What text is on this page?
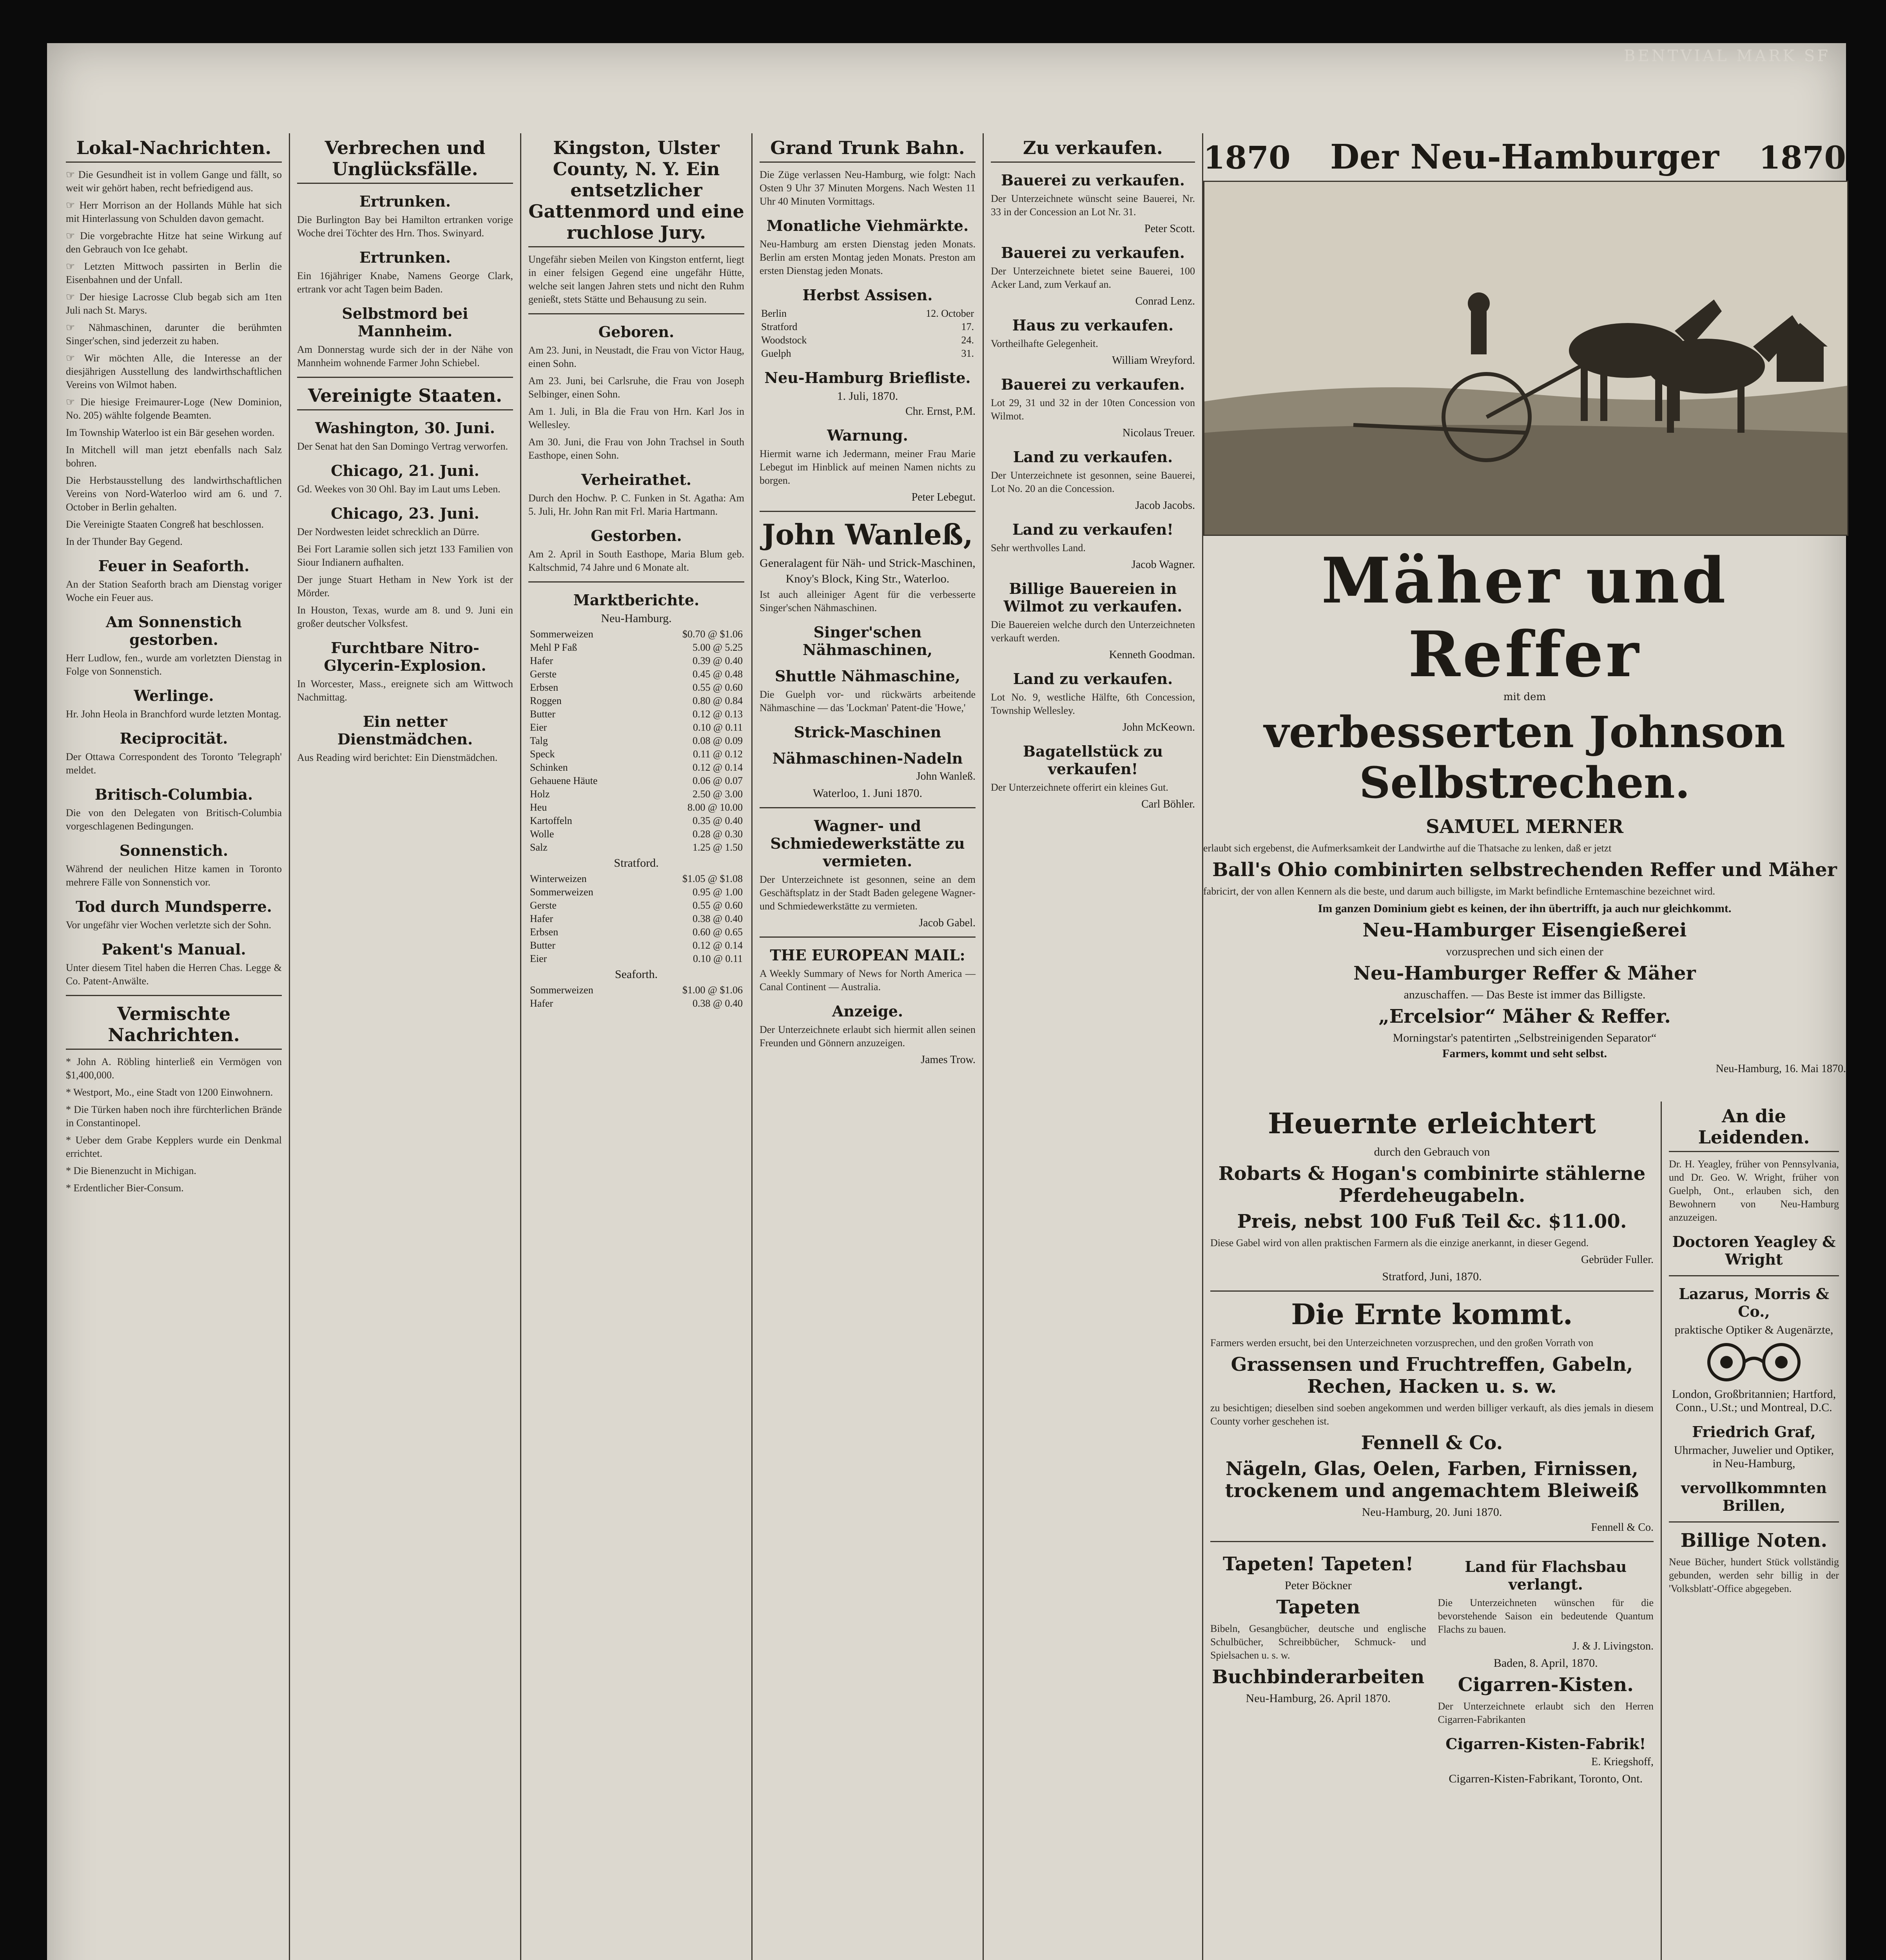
BENTVIAL MARK SF
Lokal-Nachrichten.

☞ Die Gesundheit ist in vollem Gange und fällt, so weit wir gehört haben, recht befriedigend aus.

☞ Herr Morrison an der Hollands Mühle hat sich mit Hinterlassung von Schulden davon gemacht.

☞ Die vorgebrachte Hitze hat seine Wirkung auf den Gebrauch von Ice gehabt.

☞ Letzten Mittwoch passirten in Berlin die Eisenbahnen und der Unfall.

☞ Der hiesige Lacrosse Club begab sich am 1ten Juli nach St. Marys.

☞ Nähmaschinen, darunter die berühmten Singer'schen, sind jederzeit zu haben.

☞ Wir möchten Alle, die Interesse an der diesjährigen Ausstellung des landwirthschaftlichen Vereins von Wilmot haben.

☞ Die hiesige Freimaurer-Loge (New Dominion, No. 205) wählte folgende Beamten.

Im Township Waterloo ist ein Bär gesehen worden.

In Mitchell will man jetzt ebenfalls nach Salz bohren.

Die Herbstausstellung des landwirthschaftlichen Vereins von Nord-Waterloo wird am 6. und 7. October in Berlin gehalten.

Die Vereinigte Staaten Congreß hat beschlossen.

In der Thunder Bay Gegend.

Feuer in Seaforth.

An der Station Seaforth brach am Dienstag voriger Woche ein Feuer aus.

Am Sonnenstich gestorben.

Herr Ludlow, fen., wurde am vorletzten Dienstag in Folge von Sonnenstich.

Werlinge.

Hr. John Heola in Branchford wurde letzten Montag.

Reciprocität.

Der Ottawa Correspondent des Toronto 'Telegraph' meldet.

Britisch-Columbia.

Die von den Delegaten von Britisch-Columbia vorgeschlagenen Bedingungen.

Sonnenstich.

Während der neulichen Hitze kamen in Toronto mehrere Fälle von Sonnenstich vor.

Tod durch Mundsperre.

Vor ungefähr vier Wochen verletzte sich der Sohn.

Pakent's Manual.

Unter diesem Titel haben die Herren Chas. Legge & Co. Patent-Anwälte.

Vermischte Nachrichten.

* John A. Röbling hinterließ ein Vermögen von $1,400,000.

* Westport, Mo., eine Stadt von 1200 Einwohnern.

* Die Türken haben noch ihre fürchterlichen Brände in Constantinopel.

* Ueber dem Grabe Kepplers wurde ein Denkmal errichtet.

* Die Bienenzucht in Michigan.

* Erdentlicher Bier-Consum.

Verbrechen und Unglücksfälle.
Ertrunken.

Die Burlington Bay bei Hamilton ertranken vorige Woche drei Töchter des Hrn. Thos. Swinyard.

Ertrunken.

Ein 16jähriger Knabe, Namens George Clark, ertrank vor acht Tagen beim Baden.

Selbstmord bei Mannheim.

Am Donnerstag wurde sich der in der Nähe von Mannheim wohnende Farmer John Schiebel.

Vereinigte Staaten.
Washington, 30. Juni.

Der Senat hat den San Domingo Vertrag verworfen.

Chicago, 21. Juni.

Gd. Weekes von 30 Ohl. Bay im Laut ums Leben.

Chicago, 23. Juni.

Der Nordwesten leidet schrecklich an Dürre.

Bei Fort Laramie sollen sich jetzt 133 Familien von Siour Indianern aufhalten.

Der junge Stuart Hetham in New York ist der Mörder.

In Houston, Texas, wurde am 8. und 9. Juni ein großer deutscher Volksfest.

Furchtbare Nitro-Glycerin-Explosion.

In Worcester, Mass., ereignete sich am Wittwoch Nachmittag.

Ein netter Dienstmädchen.

Aus Reading wird berichtet: Ein Dienstmädchen.

Kingston, Ulster County, N. Y. Ein entsetzlicher Gattenmord und eine ruchlose Jury.

Ungefähr sieben Meilen von Kingston entfernt, liegt in einer felsigen Gegend eine ungefähr Hütte, welche seit langen Jahren stets und nicht den Ruhm genießt, stets Stätte und Behausung zu sein.

Geboren.

Am 23. Juni, in Neustadt, die Frau von Victor Haug, einen Sohn.

Am 23. Juni, bei Carlsruhe, die Frau von Joseph Selbinger, einen Sohn.

Am 1. Juli, in Bla die Frau von Hrn. Karl Jos in Wellesley.

Am 30. Juni, die Frau von John Trachsel in South Easthope, einen Sohn.

Verheirathet.

Durch den Hochw. P. C. Funken in St. Agatha: Am 5. Juli, Hr. John Ran mit Frl. Maria Hartmann.

Gestorben.

Am 2. April in South Easthope, Maria Blum geb. Kaltschmid, 74 Jahre und 6 Monate alt.

Marktberichte.
Neu-Hamburg.
Sommerweizen	$0.70 @ $1.06
Mehl P Faß	5.00 @ 5.25
Hafer	0.39 @ 0.40
Gerste	0.45 @ 0.48
Erbsen	0.55 @ 0.60
Roggen	0.80 @ 0.84
Butter	0.12 @ 0.13
Eier	0.10 @ 0.11
Talg	0.08 @ 0.09
Speck	0.11 @ 0.12
Schinken	0.12 @ 0.14
Gehauene Häute	0.06 @ 0.07
Holz	2.50 @ 3.00
Heu	8.00 @ 10.00
Kartoffeln	0.35 @ 0.40
Wolle	0.28 @ 0.30
Salz	1.25 @ 1.50
Stratford.
Winterweizen	$1.05 @ $1.08
Sommerweizen	0.95 @ 1.00
Gerste	0.55 @ 0.60
Hafer	0.38 @ 0.40
Erbsen	0.60 @ 0.65
Butter	0.12 @ 0.14
Eier	0.10 @ 0.11
Seaforth.
Sommerweizen	$1.00 @ $1.06
Hafer	0.38 @ 0.40
Grand Trunk Bahn.

Die Züge verlassen Neu-Hamburg, wie folgt: Nach Osten 9 Uhr 37 Minuten Morgens. Nach Westen 11 Uhr 40 Minuten Vormittags.

Monatliche Viehmärkte.

Neu-Hamburg am ersten Dienstag jeden Monats. Berlin am ersten Montag jeden Monats. Preston am ersten Dienstag jeden Monats.

Herbst Assisen.
Berlin	12. October
Stratford	17.
Woodstock	24.
Guelph	31.
Neu-Hamburg Briefliste.
1. Juli, 1870.
Chr. Ernst, P.M.
Warnung.

Hiermit warne ich Jedermann, meiner Frau Marie Lebegut im Hinblick auf meinen Namen nichts zu borgen.

Peter Lebegut.
John Wanleß,
Generalagent für Näh- und Strick-Maschinen,
Knoy's Block, King Str., Waterloo.

Ist auch alleiniger Agent für die verbesserte Singer'schen Nähmaschinen.

Singer'schen Nähmaschinen,
Shuttle Nähmaschine,

Die Guelph vor- und rückwärts arbeitende Nähmaschine — das 'Lockman' Patent-die 'Howe,'

Strick-Maschinen
Nähmaschinen-Nadeln
John Wanleß.
Waterloo, 1. Juni 1870.
Wagner- und Schmiedewerkstätte zu vermieten.

Der Unterzeichnete ist gesonnen, seine an dem Geschäftsplatz in der Stadt Baden gelegene Wagner- und Schmiedewerkstätte zu vermieten.

Jacob Gabel.
THE EUROPEAN MAIL:

A Weekly Summary of News for North America — Canal Continent — Australia.

Anzeige.

Der Unterzeichnete erlaubt sich hiermit allen seinen Freunden und Gönnern anzuzeigen.

James Trow.
Zu verkaufen.
Bauerei zu verkaufen.

Der Unterzeichnete wünscht seine Bauerei, Nr. 33 in der Concession an Lot Nr. 31.

Peter Scott.
Bauerei zu verkaufen.

Der Unterzeichnete bietet seine Bauerei, 100 Acker Land, zum Verkauf an.

Conrad Lenz.
Haus zu verkaufen.

Vortheilhafte Gelegenheit.

William Wreyford.
Bauerei zu verkaufen.

Lot 29, 31 und 32 in der 10ten Concession von Wilmot.

Nicolaus Treuer.
Land zu verkaufen.

Der Unterzeichnete ist gesonnen, seine Bauerei, Lot No. 20 an die Concession.

Jacob Jacobs.
Land zu verkaufen!

Sehr werthvolles Land.

Jacob Wagner.
Billige Bauereien in Wilmot zu verkaufen.

Die Bauereien welche durch den Unterzeichneten verkauft werden.

Kenneth Goodman.
Land zu verkaufen.

Lot No. 9, westliche Hälfte, 6th Concession, Township Wellesley.

John McKeown.
Bagatellstück zu verkaufen!

Der Unterzeichnete offerirt ein kleines Gut.

Carl Böhler.
1870 Der Neu-Hamburger 1870
Mäher und Reffer

mit dem

verbesserten Johnson Selbstrechen.
SAMUEL MERNER

erlaubt sich ergebenst, die Aufmerksamkeit der Landwirthe auf die Thatsache zu lenken, daß er jetzt

Ball's Ohio combinirten selbstrechenden Reffer und Mäher

fabricirt, der von allen Kennern als die beste, und darum auch billigste, im Markt befindliche Erntemaschine bezeichnet wird.

Im ganzen Dominium giebt es keinen, der ihn übertrifft, ja auch nur gleichkommt.
Neu-Hamburger Eisengießerei
vorzusprechen und sich einen der
Neu-Hamburger Reffer & Mäher
anzuschaffen. — Das Beste ist immer das Billigste.
„Ercelsior“ Mäher & Reffer.
Morningstar's patentirten „Selbstreinigenden Separator“
Farmers, kommt und seht selbst.
Neu-Hamburg, 16. Mai 1870.
Heuernte erleichtert
durch den Gebrauch von
Robarts & Hogan's combinirte stählerne Pferdeheugabeln.
Preis, nebst 100 Fuß Teil &c. $11.00.

Diese Gabel wird von allen praktischen Farmern als die einzige anerkannt, in dieser Gegend.

Gebrüder Fuller.
Stratford, Juni, 1870.
Die Ernte kommt.

Farmers werden ersucht, bei den Unterzeichneten vorzusprechen, und den großen Vorrath von

Grassensen und Fruchtreffen, Gabeln, Rechen, Hacken u. s. w.

zu besichtigen; dieselben sind soeben angekommen und werden billiger verkauft, als dies jemals in diesem County vorher geschehen ist.

Fennell & Co.
Nägeln, Glas, Oelen, Farben, Firnissen, trockenem und angemachtem Bleiweiß
Neu-Hamburg, 20. Juni 1870.
Fennell & Co.
Tapeten! Tapeten!
Peter Böckner
Tapeten

Bibeln, Gesangbücher, deutsche und englische Schulbücher, Schreibbücher, Schmuck- und Spielsachen u. s. w.

Buchbinderarbeiten
Neu-Hamburg, 26. April 1870.
Land für Flachsbau verlangt.

Die Unterzeichneten wünschen für die bevorstehende Saison ein bedeutende Quantum Flachs zu bauen.

J. & J. Livingston.
Baden, 8. April, 1870.
Cigarren-Kisten.

Der Unterzeichnete erlaubt sich den Herren Cigarren-Fabrikanten

Cigarren-Kisten-Fabrik!
E. Kriegshoff,
Cigarren-Kisten-Fabrikant, Toronto, Ont.
An die Leidenden.

Dr. H. Yeagley, früher von Pennsylvania, und Dr. Geo. W. Wright, früher von Guelph, Ont., erlauben sich, den Bewohnern von Neu-Hamburg anzuzeigen.

Doctoren Yeagley & Wright
Lazarus, Morris & Co.,
praktische Optiker & Augenärzte,
London, Großbritannien; Hartford, Conn., U.St.; und Montreal, D.C.
Friedrich Graf,
Uhrmacher, Juwelier und Optiker, in Neu-Hamburg,
vervollkommnten Brillen,
Billige Noten.

Neue Bücher, hundert Stück vollständig gebunden, werden sehr billig in der 'Volksblatt'-Office abgegeben.
